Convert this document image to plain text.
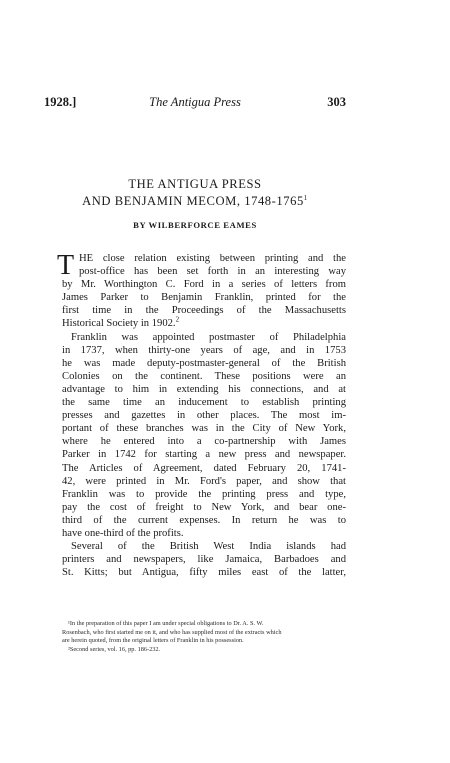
1928.]	The Antigua Press	303
THE ANTIGUA PRESS
AND BENJAMIN MECOM, 1748-1765$^1$
BY WILBERFORCE EAMES
T HE close relation existing between printing and the
post-office has been set forth in an interesting way
by Mr. Worthington C. Ford in a series of letters from
James Parker to Benjamin Franklin, printed for the
first time in the Proceedings of the Massachusetts
Historical Society in 1902.$^2$
Franklin was appointed postmaster of Philadelphia
in 1737, when thirty-one years of age, and in 1753
he was made deputy-postmaster-general of the British
Colonies on the continent. These positions were an
advantage to him in extending his connections, and at
the same time an inducement to establish printing
presses and gazettes in other places. The most im-
portant of these branches was in the City of New York,
where he entered into a co-partnership with James
Parker in 1742 for starting a new press and newspaper.
The Articles of Agreement, dated February 20, 1741-
42, were printed in Mr. Ford's paper, and show that
Franklin was to provide the printing press and type,
pay the cost of freight to New York, and bear one-
third of the current expenses. In return he was to
have one-third of the profits.
Several of the British West India islands had
printers and newspapers, like Jamaica, Barbadoes and
St. Kitts; but Antigua, fifty miles east of the latter,
¹In the preparation of this paper I am under special obligations to Dr. A. S. W.
Rosenbach, who first started me on it, and who has supplied most of the extracts which
are herein quoted, from the original letters of Franklin in his possession.
²Second series, vol. 16, pp. 186-232.
